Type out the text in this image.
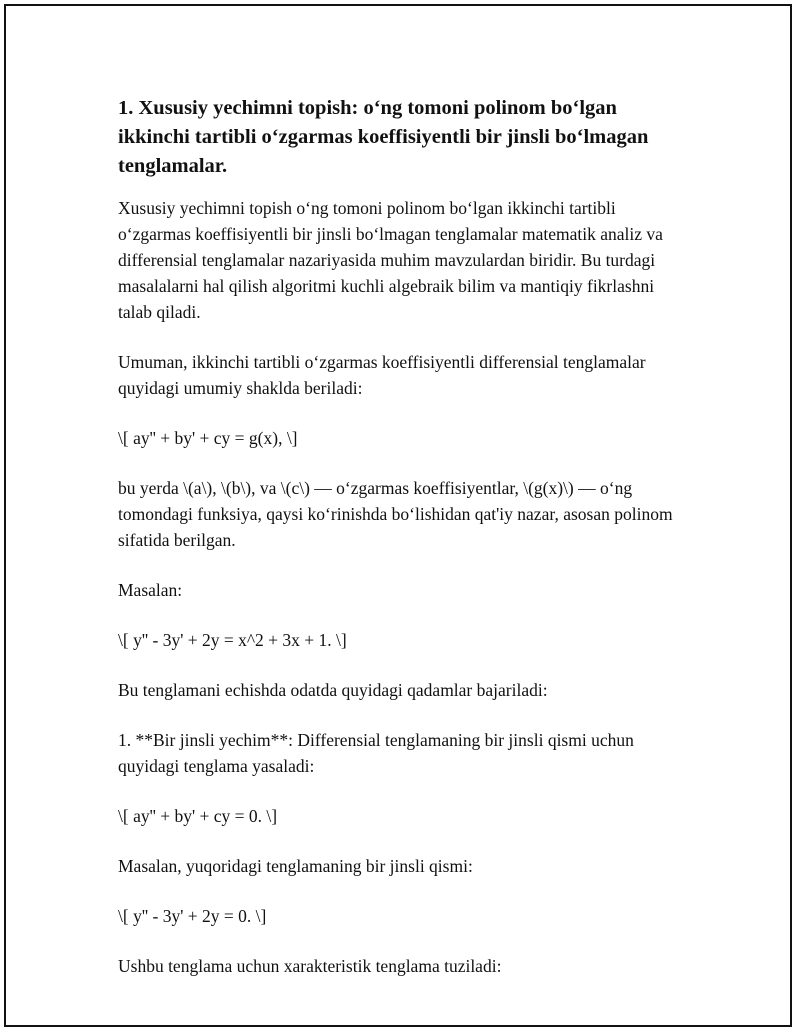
1. Xususiy yechimni topish: o‘ng tomoni polinom bo‘lgan ikkinchi tartibli o‘zgarmas koeffisiyentli bir jinsli bo‘lmagan tenglamalar.

Xususiy yechimni topish o‘ng tomoni polinom bo‘lgan ikkinchi tartibli o‘zgarmas koeffisiyentli bir jinsli bo‘lmagan tenglamalar matematik analiz va differensial tenglamalar nazariyasida muhim mavzulardan biridir. Bu turdagi masalalarni hal qilish algoritmi kuchli algebraik bilim va mantiqiy fikrlashni talab qiladi.

Umuman, ikkinchi tartibli o‘zgarmas koeffisiyentli differensial tenglamalar quyidagi umumiy shaklda beriladi:

\[ ay'' + by' + cy = g(x), \]

bu yerda \(a\), \(b\), va \(c\) — o‘zgarmas koeffisiyentlar, \(g(x)\) — o‘ng tomondagi funksiya, qaysi ko‘rinishda bo‘lishidan qat'iy nazar, asosan polinom sifatida berilgan.

Masalan:

\[ y'' - 3y' + 2y = x^2 + 3x + 1. \]

Bu tenglamani echishda odatda quyidagi qadamlar bajariladi:

1. **Bir jinsli yechim**: Differensial tenglamaning bir jinsli qismi uchun quyidagi tenglama yasaladi:

\[ ay'' + by' + cy = 0. \]

Masalan, yuqoridagi tenglamaning bir jinsli qismi:

\[ y'' - 3y' + 2y = 0. \]

Ushbu tenglama uchun xarakteristik tenglama tuziladi:
